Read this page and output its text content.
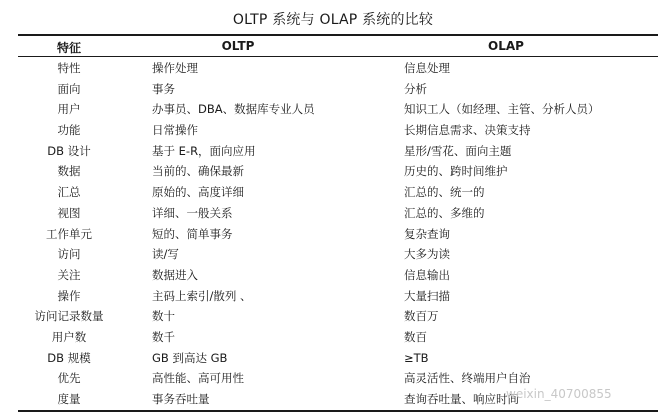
OLTP 系统与 OLAP 系统的比较
特征	OLTP	OLAP
特性	操作处理	信息处理
面向	事务	分析
用户	办事员、DBA、数据库专业人员	知识工人（如经理、主管、分析人员）
功能	日常操作	长期信息需求、决策支持
DB 设计	基于 E-R，面向应用	星形/雪花、面向主题
数据	当前的、确保最新	历史的、跨时间维护
汇总	原始的、高度详细	汇总的、统一的
视图	详细、一般关系	汇总的、多维的
工作单元	短的、简单事务	复杂查询
访问	读/写	大多为读
关注	数据进入	信息输出
操作	主码上索引/散列 、	大量扫描
访问记录数量	数十	数百万
用户数	数千	数百
DB 规模	GB 到高达 GB	≥TB
优先	高性能、高可用性	高灵活性、终端用户自治
度量	事务吞吐量	查询吞吐量、响应时间
weixin_40700855
